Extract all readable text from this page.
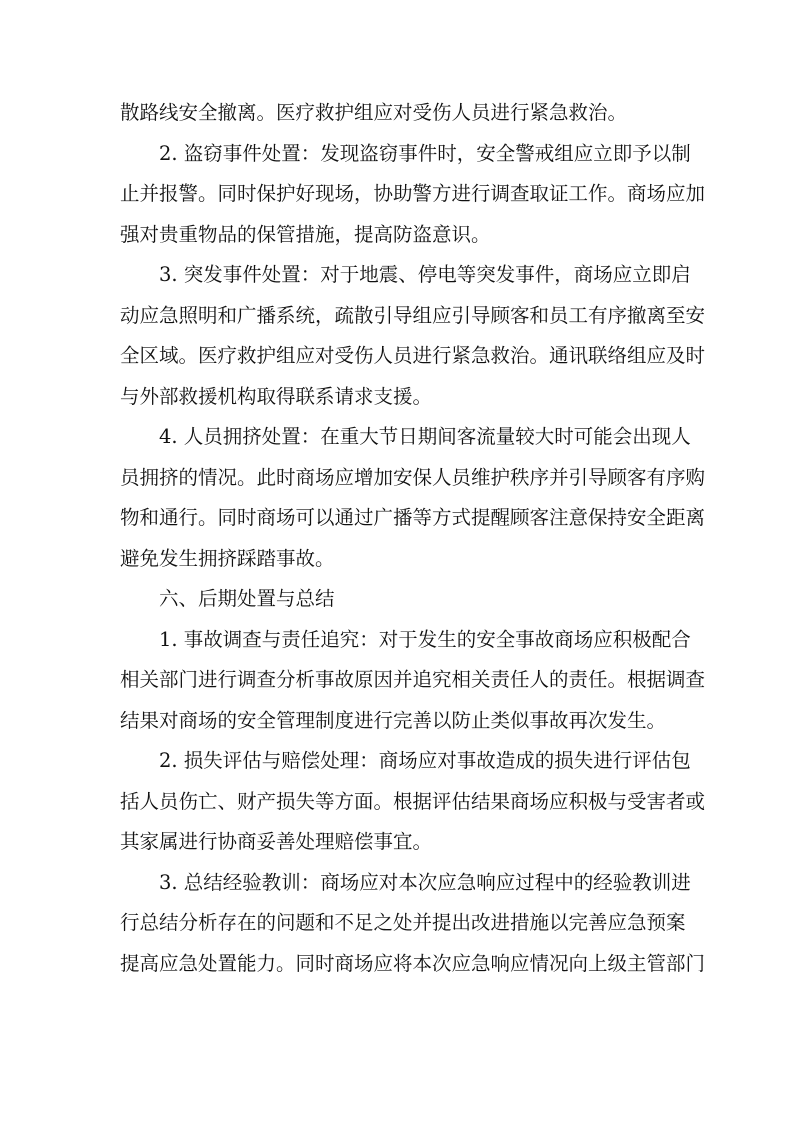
散路线安全撤离。医疗救护组应对受伤人员进行紧急救治。

2. 盗窃事件处置：发现盗窃事件时，安全警戒组应立即予以制
止并报警。同时保护好现场，协助警方进行调查取证工作。商场应加
强对贵重物品的保管措施，提高防盗意识。

3. 突发事件处置：对于地震、停电等突发事件，商场应立即启
动应急照明和广播系统，疏散引导组应引导顾客和员工有序撤离至安
全区域。医疗救护组应对受伤人员进行紧急救治。通讯联络组应及时
与外部救援机构取得联系请求支援。

4. 人员拥挤处置：在重大节日期间客流量较大时可能会出现人
员拥挤的情况。此时商场应增加安保人员维护秩序并引导顾客有序购
物和通行。同时商场可以通过广播等方式提醒顾客注意保持安全距离
避免发生拥挤踩踏事故。

六、后期处置与总结

1. 事故调查与责任追究：对于发生的安全事故商场应积极配合
相关部门进行调查分析事故原因并追究相关责任人的责任。根据调查
结果对商场的安全管理制度进行完善以防止类似事故再次发生。

2. 损失评估与赔偿处理：商场应对事故造成的损失进行评估包
括人员伤亡、财产损失等方面。根据评估结果商场应积极与受害者或
其家属进行协商妥善处理赔偿事宜。

3. 总结经验教训：商场应对本次应急响应过程中的经验教训进
行总结分析存在的问题和不足之处并提出改进措施以完善应急预案
提高应急处置能力。同时商场应将本次应急响应情况向上级主管部门
